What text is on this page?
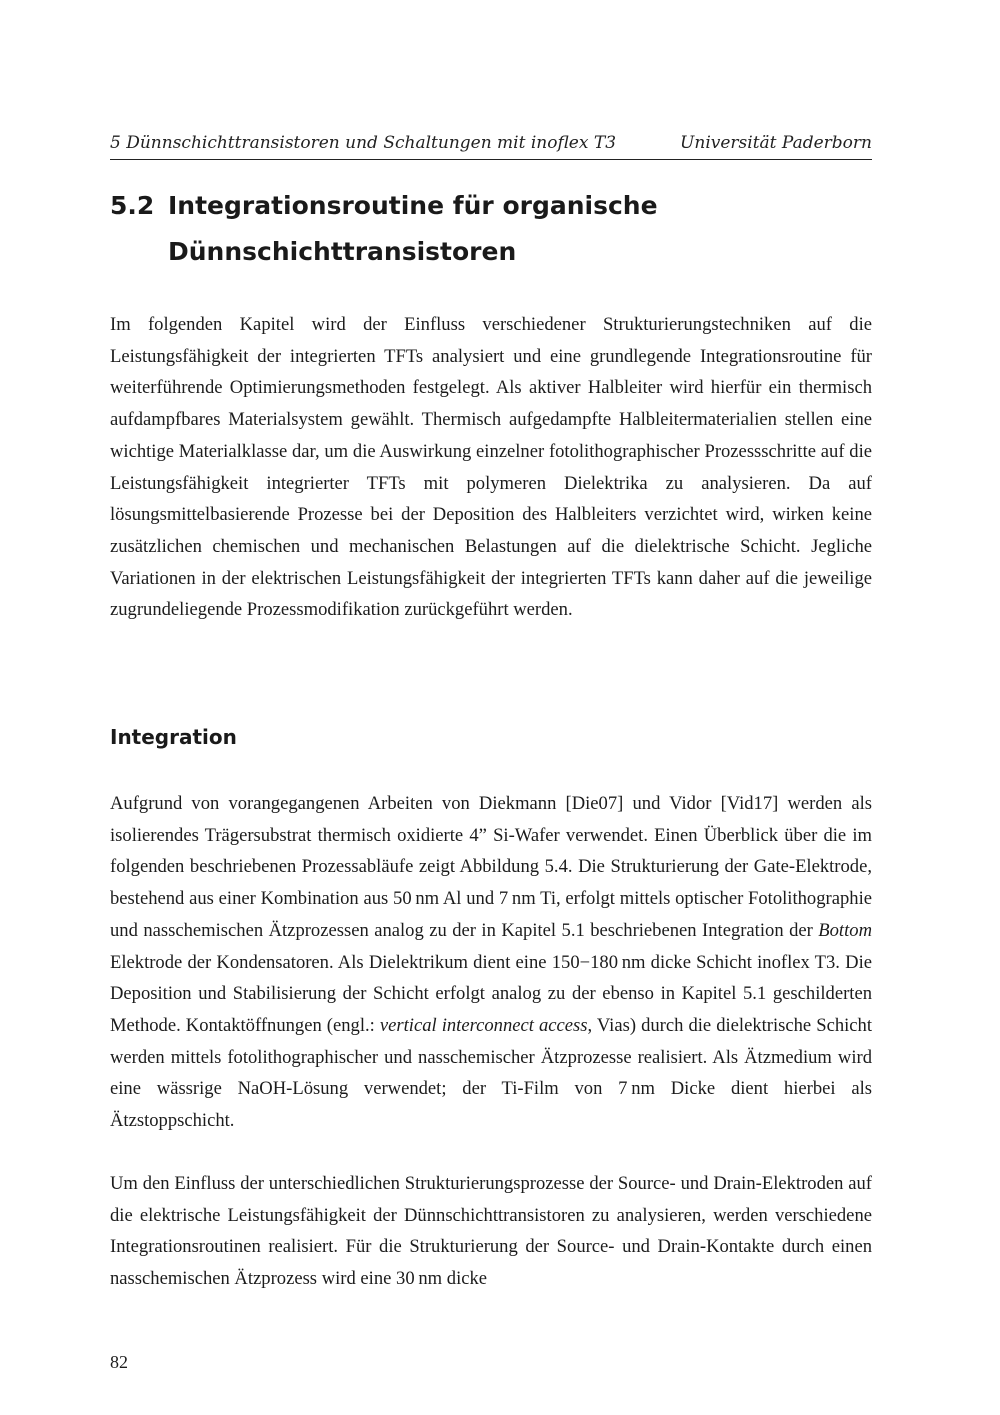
5 Dünnschichttransistoren und Schaltungen mit inoflex T3	Universität Paderborn
5.2 Integrationsroutine für organische Dünnschichttransistoren

Im folgenden Kapitel wird der Einfluss verschiedener Strukturierungstechniken auf die Leistungsfähigkeit der integrierten TFTs analysiert und eine grundlegende Integrationsroutine für weiterführende Optimierungsmethoden festgelegt. Als aktiver Halbleiter wird hierfür ein thermisch aufdampfbares Materialsystem gewählt. Thermisch aufgedampfte Halbleitermaterialien stellen eine wichtige Materialklasse dar, um die Auswirkung einzelner fotolithographischer Prozessschritte auf die Leistungsfähigkeit integrierter TFTs mit polymeren Dielektrika zu analysieren. Da auf lösungsmittelbasierende Prozesse bei der Deposition des Halbleiters verzichtet wird, wirken keine zusätzlichen chemischen und mechanischen Belastungen auf die dielektrische Schicht. Jegliche Variationen in der elektrischen Leistungsfähigkeit der integrierten TFTs kann daher auf die jeweilige zugrundeliegende Prozessmodifikation zurückgeführt werden.

Integration

Aufgrund von vorangegangenen Arbeiten von Diekmann [Die07] und Vidor [Vid17] werden als isolierendes Trägersubstrat thermisch oxidierte 4” Si-Wafer verwendet. Einen Überblick über die im folgenden beschriebenen Prozessabläufe zeigt Abbildung 5.4. Die Strukturierung der Gate-Elektrode, bestehend aus einer Kombination aus 50 nm Al und 7 nm Ti, erfolgt mittels optischer Fotolithographie und nasschemischen Ätzprozessen analog zu der in Kapitel 5.1 beschriebenen Integration der Bottom Elektrode der Kondensatoren. Als Dielektrikum dient eine 150−180 nm dicke Schicht inoflex T3. Die Deposition und Stabilisierung der Schicht erfolgt analog zu der ebenso in Kapitel 5.1 geschilderten Methode. Kontaktöffnungen (engl.: vertical interconnect access, Vias) durch die dielektrische Schicht werden mittels fotolithographischer und nasschemischer Ätzprozesse realisiert. Als Ätzmedium wird eine wässrige NaOH-Lösung verwendet; der Ti-Film von 7 nm Dicke dient hierbei als Ätzstoppschicht.

Um den Einfluss der unterschiedlichen Strukturierungsprozesse der Source- und Drain-Elektroden auf die elektrische Leistungsfähigkeit der Dünnschichttransistoren zu analysieren, werden verschiedene Integrationsroutinen realisiert. Für die Strukturierung der Source- und Drain-Kontakte durch einen nasschemischen Ätzprozess wird eine 30 nm dicke

82
